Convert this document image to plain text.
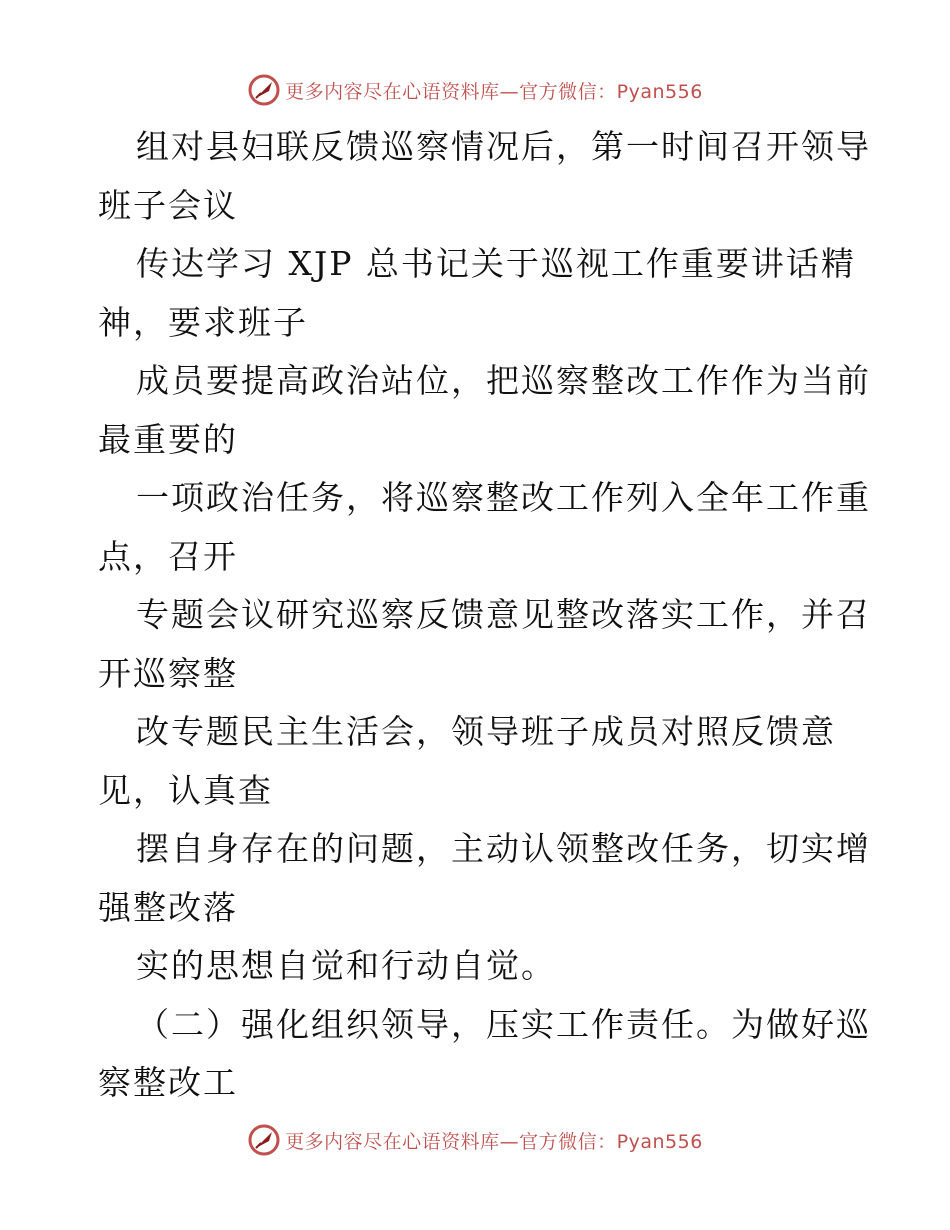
更多内容尽在心语资料库—官方微信：Pyan556
组对县妇联反馈巡察情况后，第一时间召开领导
班子会议
传达学习 XJP 总书记关于巡视工作重要讲话精
神，要求班子
成员要提高政治站位，把巡察整改工作作为当前
最重要的
一项政治任务，将巡察整改工作列入全年工作重
点，召开
专题会议研究巡察反馈意见整改落实工作，并召
开巡察整
改专题民主生活会，领导班子成员对照反馈意
见，认真查
摆自身存在的问题，主动认领整改任务，切实增
强整改落
实的思想自觉和行动自觉。
（二）强化组织领导，压实工作责任。为做好巡
察整改工
更多内容尽在心语资料库—官方微信：Pyan556
